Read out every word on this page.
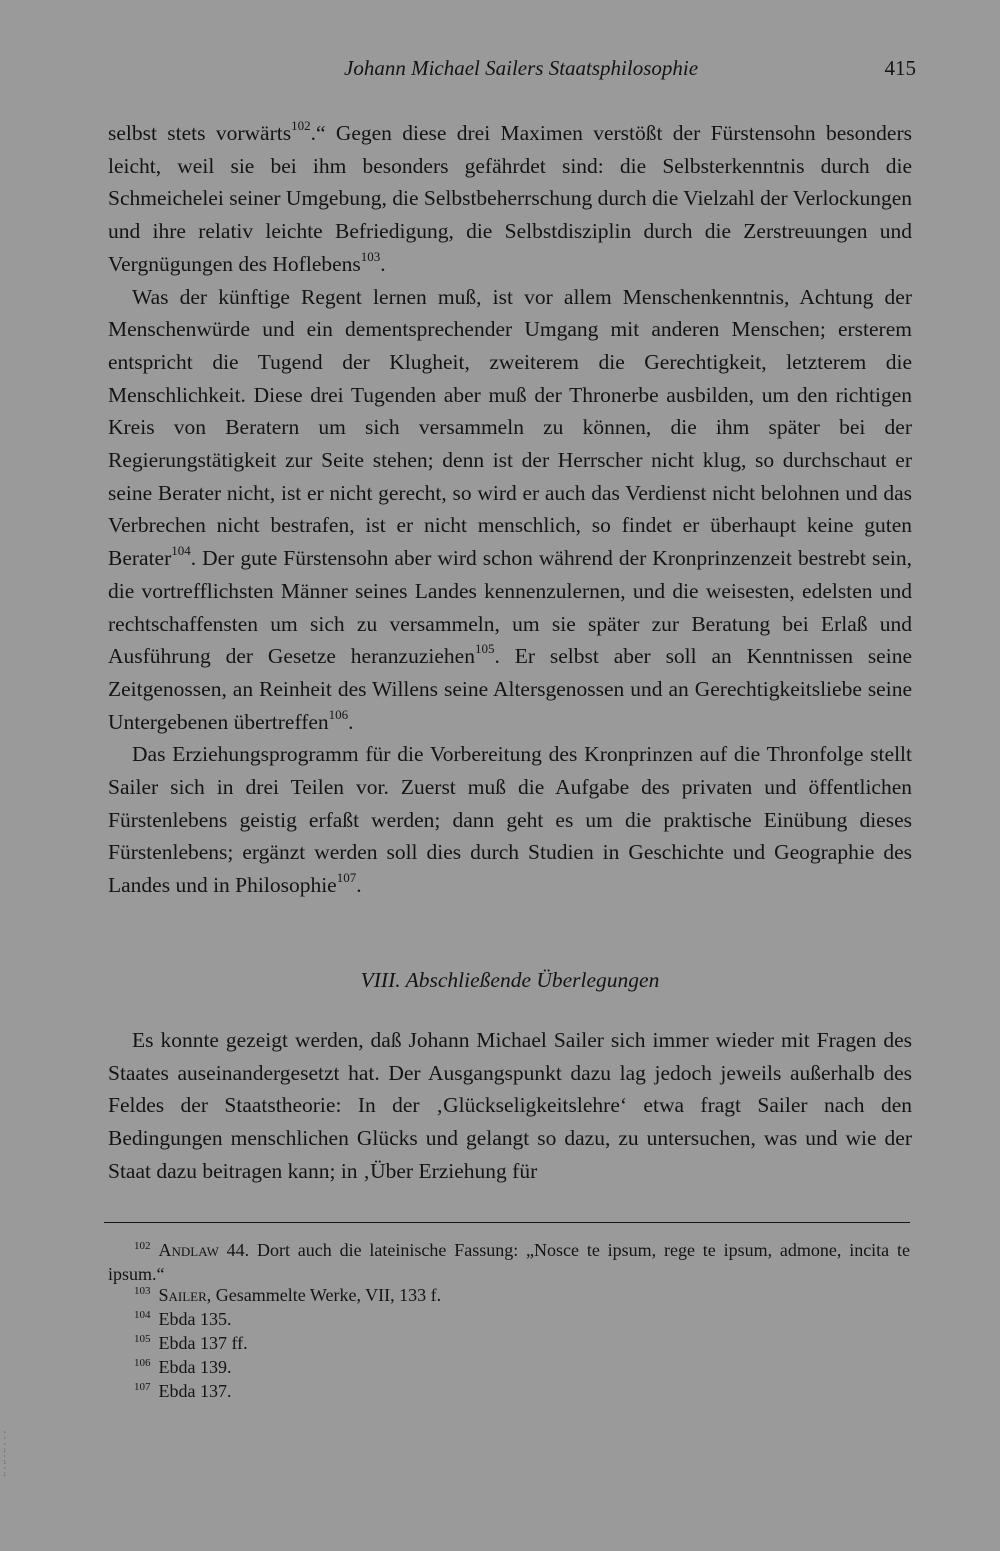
Johann Michael Sailers Staatsphilosophie	415

selbst stets vorwärts$^{102}$.“ Gegen diese drei Maximen verstößt der Fürstensohn besonders leicht, weil sie bei ihm besonders gefährdet sind: die Selbsterkenntnis durch die Schmeichelei seiner Umgebung, die Selbstbeherrschung durch die Vielzahl der Verlockungen und ihre relativ leichte Befriedigung, die Selbstdisziplin durch die Zerstreuungen und Vergnügungen des Hoflebens$^{103}$.

Was der künftige Regent lernen muß, ist vor allem Menschenkenntnis, Achtung der Menschenwürde und ein dementsprechender Umgang mit anderen Menschen; ersterem entspricht die Tugend der Klugheit, zweiterem die Gerechtigkeit, letzterem die Menschlichkeit. Diese drei Tugenden aber muß der Thronerbe ausbilden, um den richtigen Kreis von Beratern um sich versammeln zu können, die ihm später bei der Regierungstätigkeit zur Seite stehen; denn ist der Herrscher nicht klug, so durchschaut er seine Berater nicht, ist er nicht gerecht, so wird er auch das Verdienst nicht belohnen und das Verbrechen nicht bestrafen, ist er nicht menschlich, so findet er überhaupt keine guten Berater$^{104}$. Der gute Fürstensohn aber wird schon während der Kronprinzenzeit bestrebt sein, die vortrefflichsten Männer seines Landes kennenzulernen, und die weisesten, edelsten und rechtschaffensten um sich zu versammeln, um sie später zur Beratung bei Erlaß und Ausführung der Gesetze heranzuziehen$^{105}$. Er selbst aber soll an Kenntnissen seine Zeitgenossen, an Reinheit des Willens seine Altersgenossen und an Gerechtigkeitsliebe seine Untergebenen übertreffen$^{106}$.

Das Erziehungsprogramm für die Vorbereitung des Kronprinzen auf die Thronfolge stellt Sailer sich in drei Teilen vor. Zuerst muß die Aufgabe des privaten und öffentlichen Fürstenlebens geistig erfaßt werden; dann geht es um die praktische Einübung dieses Fürstenlebens; ergänzt werden soll dies durch Studien in Geschichte und Geographie des Landes und in Philosophie$^{107}$.

VIII. Abschließende Überlegungen

Es konnte gezeigt werden, daß Johann Michael Sailer sich immer wieder mit Fragen des Staates auseinandergesetzt hat. Der Ausgangspunkt dazu lag jedoch jeweils außerhalb des Feldes der Staatstheorie: In der ‚Glückseligkeitslehre‘ etwa fragt Sailer nach den Bedingungen menschlichen Glücks und gelangt so dazu, zu untersuchen, was und wie der Staat dazu beitragen kann; in ‚Über Erziehung für

$^{102}$ Andlaw 44. Dort auch die lateinische Fassung: „Nosce te ipsum, rege te ipsum, admone, incita te ipsum.“

$^{103}$ Sailer, Gesammelte Werke, VII, 133 f.

$^{104}$ Ebda 135.

$^{105}$ Ebda 137 ff.

$^{106}$ Ebda 139.

$^{107}$ Ebda 137.

· · ·
:
·
:
·
:
